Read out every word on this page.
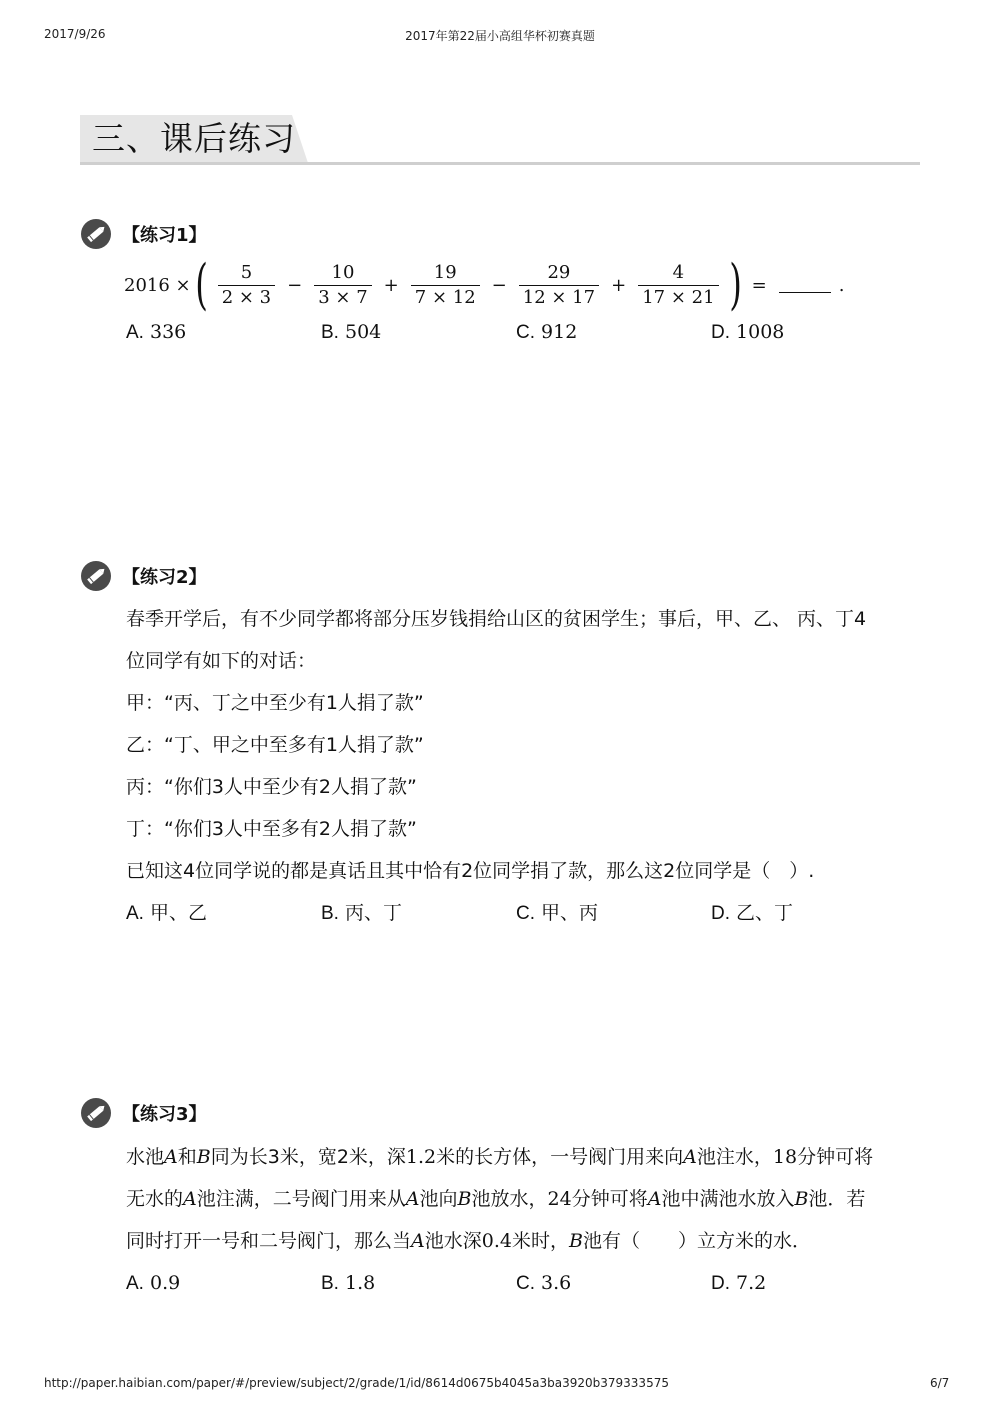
2017/9/26	2017年第22届小高组华杯初赛真题
http://paper.haibian.com/paper/#/preview/subject/2/grade/1/id/8614d0675b4045a3ba3920b379333575	6/7
三、课后练习
【练习1】
2016 × ( $\frac{5}{2 \times 3} - \frac{10}{3 \times 7} + \frac{19}{7 \times 12} - \frac{29}{12 \times 17} + \frac{4}{17 \times 21}$ ) =	.
A. 336	B. 504	C. 912	D. 1008
【练习2】
春季开学后，有不少同学都将部分压岁钱捐给山区的贫困学生；事后，甲、乙、 丙、丁4
位同学有如下的对话：
甲：“丙、丁之中至少有1人捐了款”
乙：“丁、甲之中至多有1人捐了款”
丙：“你们3人中至少有2人捐了款”
丁：“你们3人中至多有2人捐了款”
已知这4位同学说的都是真话且其中恰有2位同学捐了款，那么这2位同学是（　）.
A. 甲、乙	B. 丙、丁	C. 甲、丙	D. 乙、丁
【练习3】
水池A和B同为长3米，宽2米，深1.2米的长方体，一号阀门用来向A池注水，18分钟可将
无水的A池注满，二号阀门用来从A池向B池放水，24分钟可将A池中满池水放入B池．若
同时打开一号和二号阀门，那么当A池水深0.4米时，B池有（　　）立方米的水．
A. 0.9	B. 1.8	C. 3.6	D. 7.2
